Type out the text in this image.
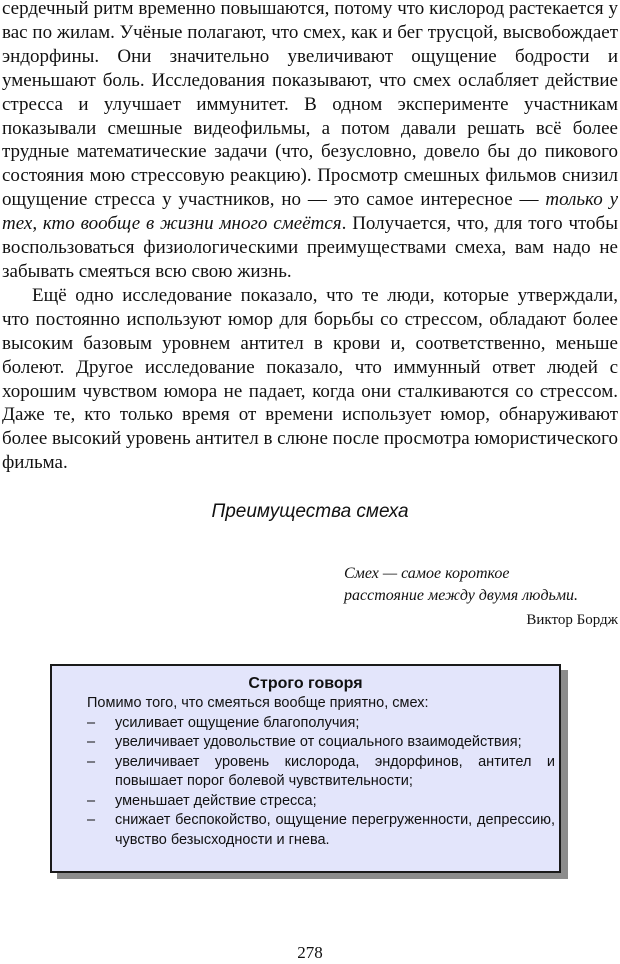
сердечный ритм временно повышаются, потому что кислород растекается у вас по жилам. Учёные полагают, что смех, как и бег трусцой, высвобождает эндорфины. Они значительно увеличивают ощущение бодрости и уменьшают боль. Исследования показывают, что смех ослабляет действие стресса и улучшает иммунитет. В одном эксперименте участникам показывали смешные видеофильмы, а потом давали решать всё более трудные математические задачи (что, безусловно, довело бы до пикового состояния мою стрессовую реакцию). Просмотр смешных фильмов снизил ощущение стресса у участников, но — это самое интересное — только у тех, кто вообще в жизни много смеётся. Получается, что, для того чтобы воспользоваться физиологическими преимуществами смеха, вам надо не забывать смеяться всю свою жизнь.

Ещё одно исследование показало, что те люди, которые утверждали, что постоянно используют юмор для борьбы со стрессом, обладают более высоким базовым уровнем антител в крови и, соответственно, меньше болеют. Другое исследование показало, что иммунный ответ людей с хорошим чувством юмора не падает, когда они сталкиваются со стрессом. Даже те, кто только время от времени использует юмор, обнаруживают более высокий уровень антител в слюне после просмотра юмористического фильма.

Преимущества смеха
Смех — самое короткое
расстояние между двумя людьми.
Виктор Бордж
Строго говоря

Помимо того, что смеяться вообще приятно, смех:

– усиливает ощущение благополучия;
– увеличивает удовольствие от социального взаимодействия;
– увеличивает уровень кислорода, эндорфинов, антител и повышает порог болевой чувствительности;
– уменьшает действие стресса;
– снижает беспокойство, ощущение перегруженности, депрессию, чувство безысходности и гнева.
278
